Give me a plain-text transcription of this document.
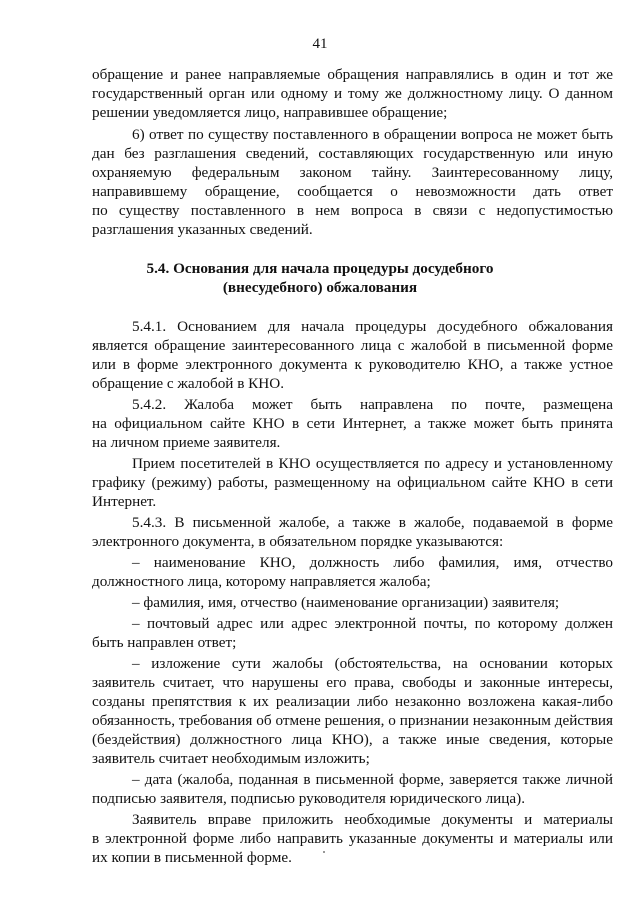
41
обращение и ранее направляемые обращения направлялись в один и тот же
государственный орган или одному и тому же должностному лицу. О данном
решении уведомляется лицо, направившее обращение;
6) ответ по существу поставленного в обращении вопроса не может быть
дан без разглашения сведений, составляющих государственную или иную
охраняемую федеральным законом тайну. Заинтересованному лицу,
направившему обращение, сообщается о невозможности дать ответ
по существу поставленного в нем вопроса в связи с недопустимостью
разглашения указанных сведений.
5.4. Основания для начала процедуры досудебного
(внесудебного) обжалования
5.4.1. Основанием для начала процедуры досудебного обжалования
является обращение заинтересованного лица с жалобой в письменной форме
или в форме электронного документа к руководителю КНО, а также устное
обращение с жалобой в КНО.
5.4.2. Жалоба может быть направлена по почте, размещена
на официальном сайте КНО в сети Интернет, а также может быть принята
на личном приеме заявителя.
Прием посетителей в КНО осуществляется по адресу и установленному
графику (режиму) работы, размещенному на официальном сайте КНО в сети
Интернет.
5.4.3. В письменной жалобе, а также в жалобе, подаваемой в форме
электронного документа, в обязательном порядке указываются:
– наименование КНО, должность либо фамилия, имя, отчество
должностного лица, которому направляется жалоба;
– фамилия, имя, отчество (наименование организации) заявителя;
– почтовый адрес или адрес электронной почты, по которому должен
быть направлен ответ;
– изложение сути жалобы (обстоятельства, на основании которых
заявитель считает, что нарушены его права, свободы и законные интересы,
созданы препятствия к их реализации либо незаконно возложена какая-либо
обязанность, требования об отмене решения, о признании незаконным действия
(бездействия) должностного лица КНО), а также иные сведения, которые
заявитель считает необходимым изложить;
– дата (жалоба, поданная в письменной форме, заверяется также личной
подписью заявителя, подписью руководителя юридического лица).
Заявитель вправе приложить необходимые документы и материалы
в электронной форме либо направить указанные документы и материалы или
их копии в письменной форме.
